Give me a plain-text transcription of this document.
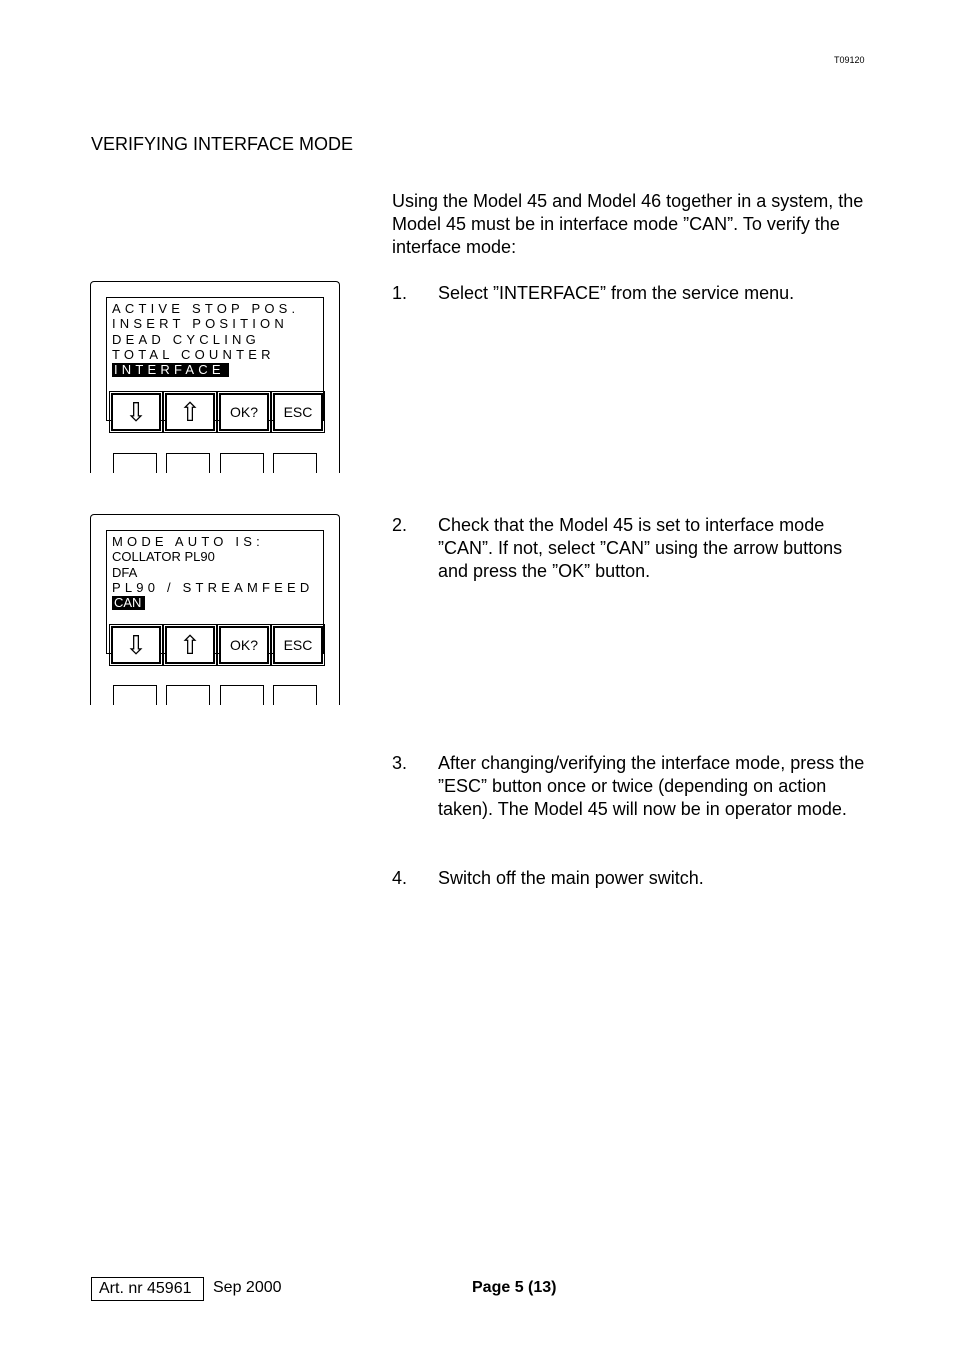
T09120
VERIFYING INTERFACE MODE
Using the Model 45 and Model 46 together in a system, the Model 45 must be in interface mode ”CAN”. To verify the interface mode:
1. Select ”INTERFACE” from the service menu.
2. Check that the Model 45 is set to interface mode ”CAN”. If not, select ”CAN” using the arrow buttons and press the ”OK” button.
3. After changing/verifying the interface mode, press the ”ESC” button once or twice (depending on action taken). The Model 45 will now be in operator mode.
4. Switch off the main power switch.
ACTIVE STOP POS.
INSERT POSITION
DEAD CYCLING
TOTAL COUNTER
INTERFACE
⇩ ⇧	OK?	ESC
MODE AUTO IS:
COLLATOR PL90
DFA
PL90 / STREAMFEED
CAN
⇩ ⇧	OK?	ESC
Art. nr 45961	Sep 2000	Page 5 (13)
